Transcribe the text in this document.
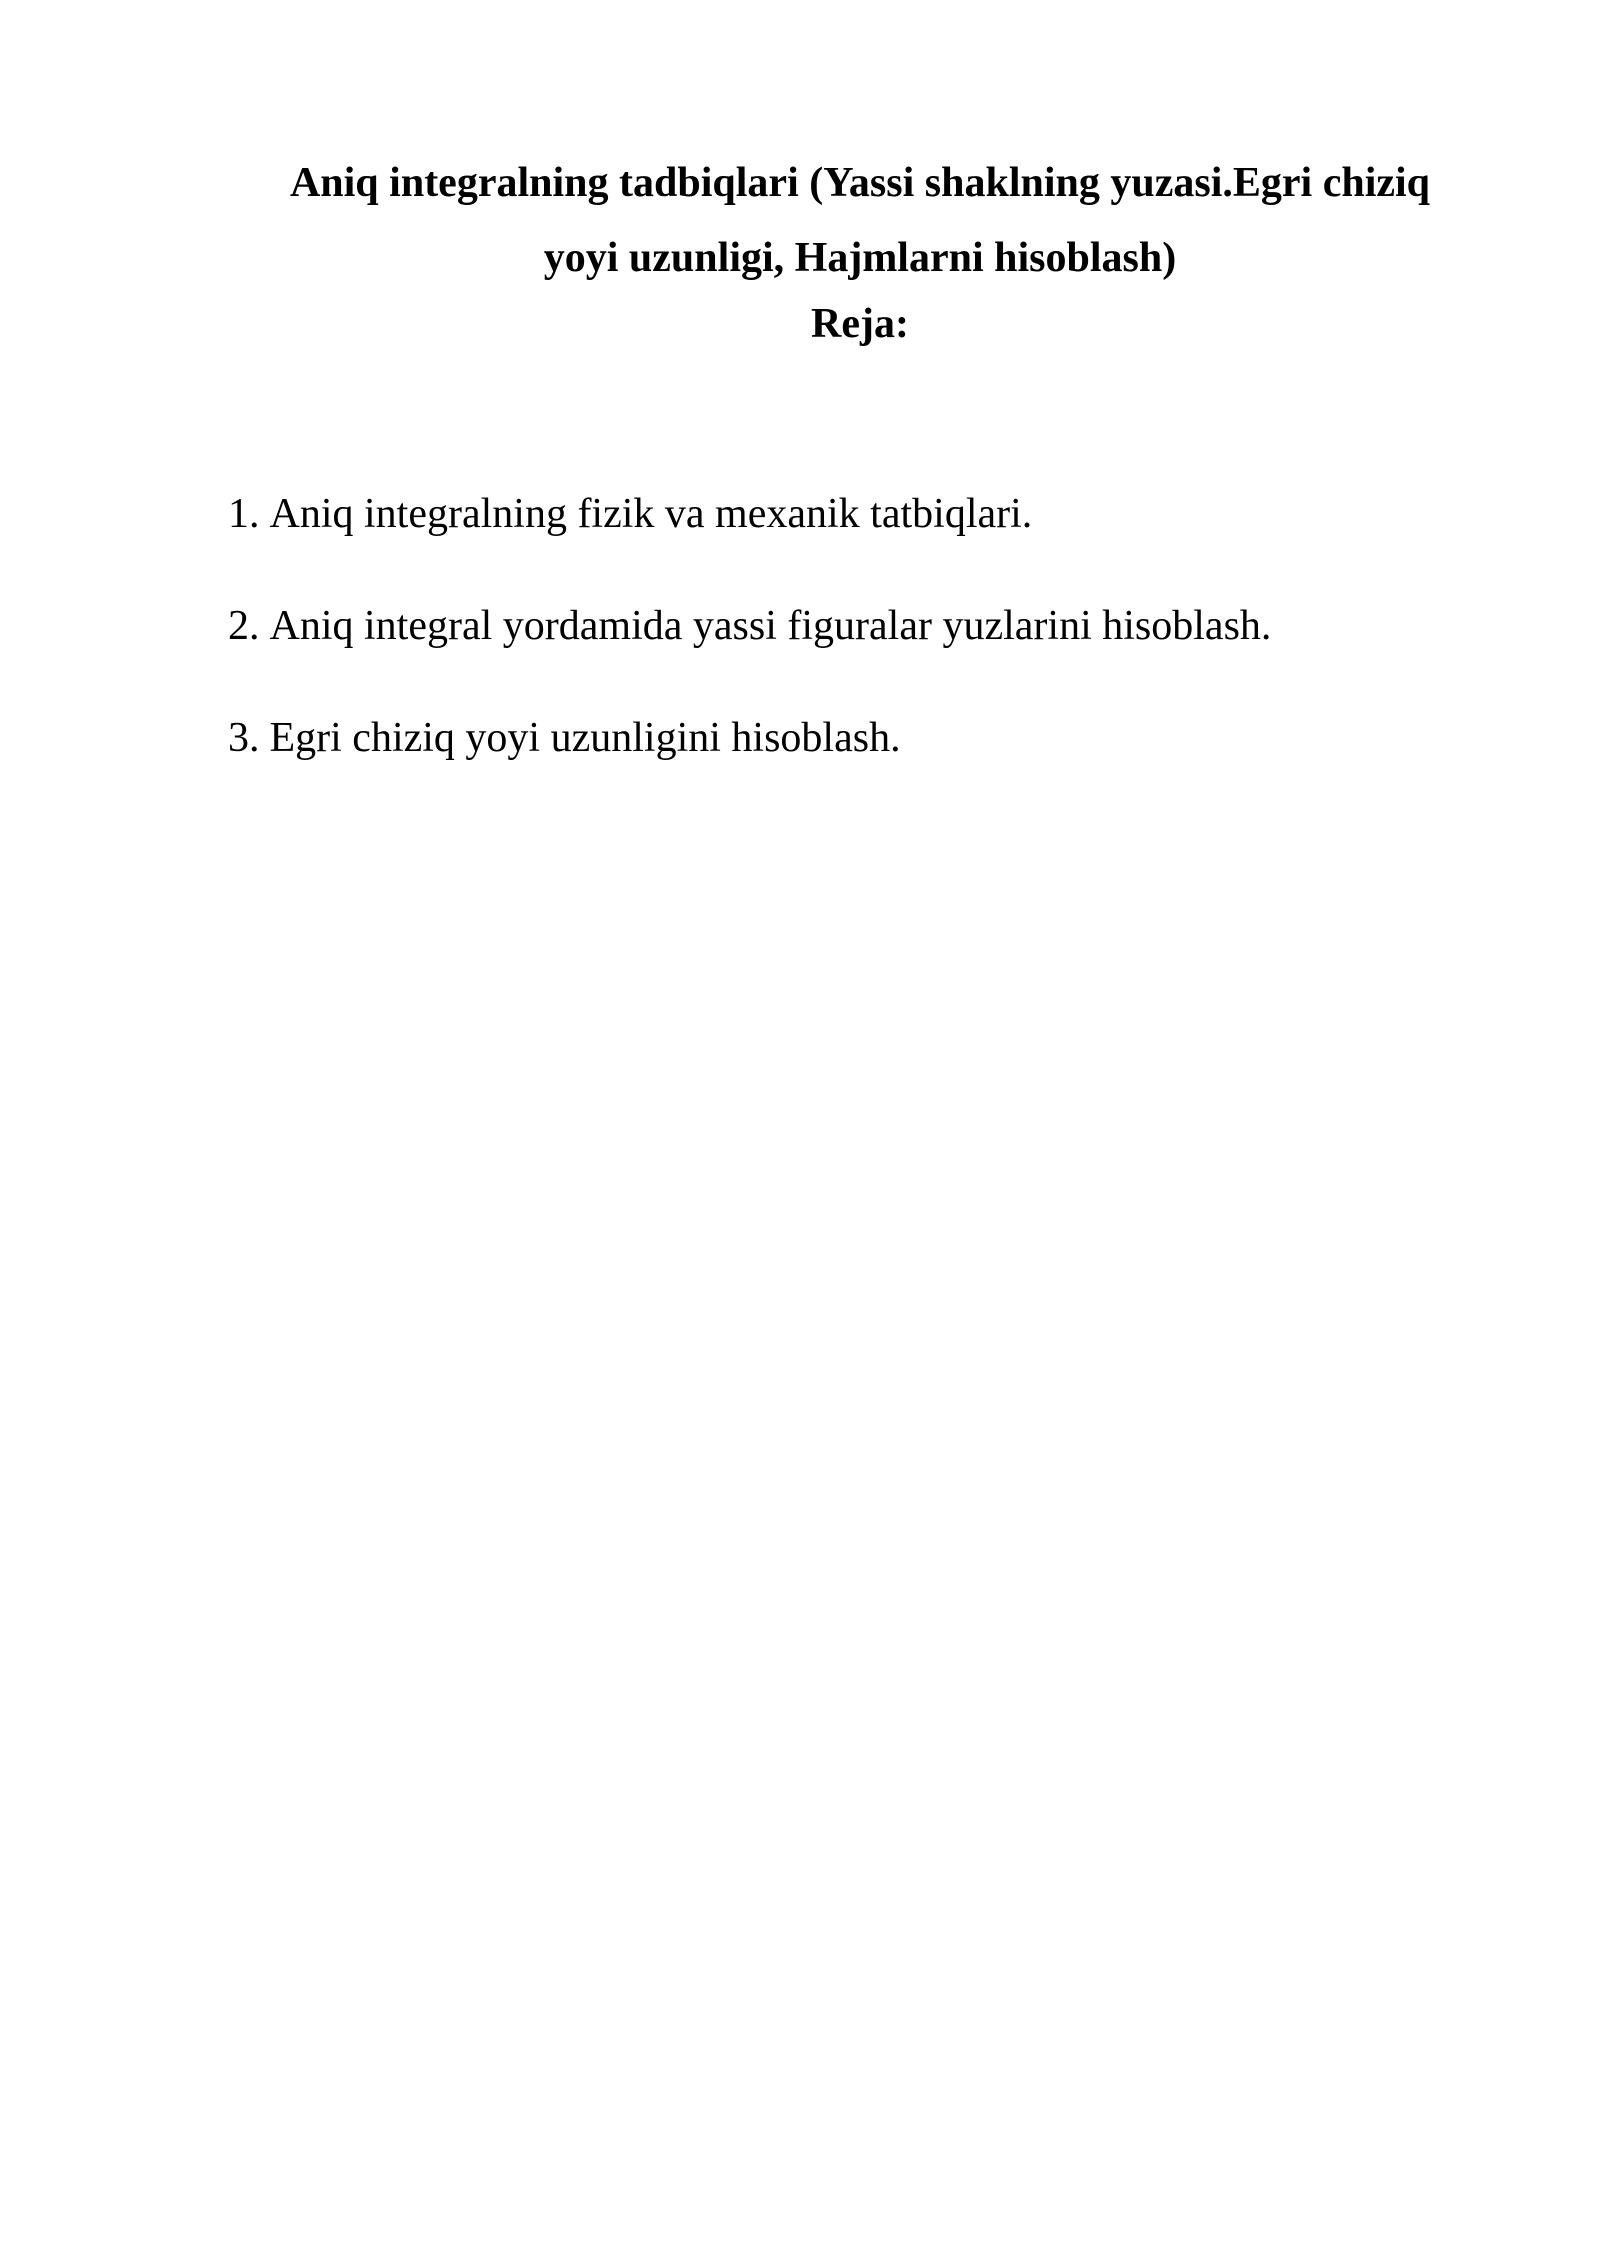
Aniq integralning tadbiqlari (Yassi shaklning yuzasi.Egri chiziq
yoyi uzunligi, Hajmlarni hisoblash)
Reja:
1. Aniq integralning fizik va mexanik tatbiqlari.
2. Aniq integral yordamida yassi figuralar yuzlarini hisoblash.
3. Egri chiziq yoyi uzunligini hisoblash.
